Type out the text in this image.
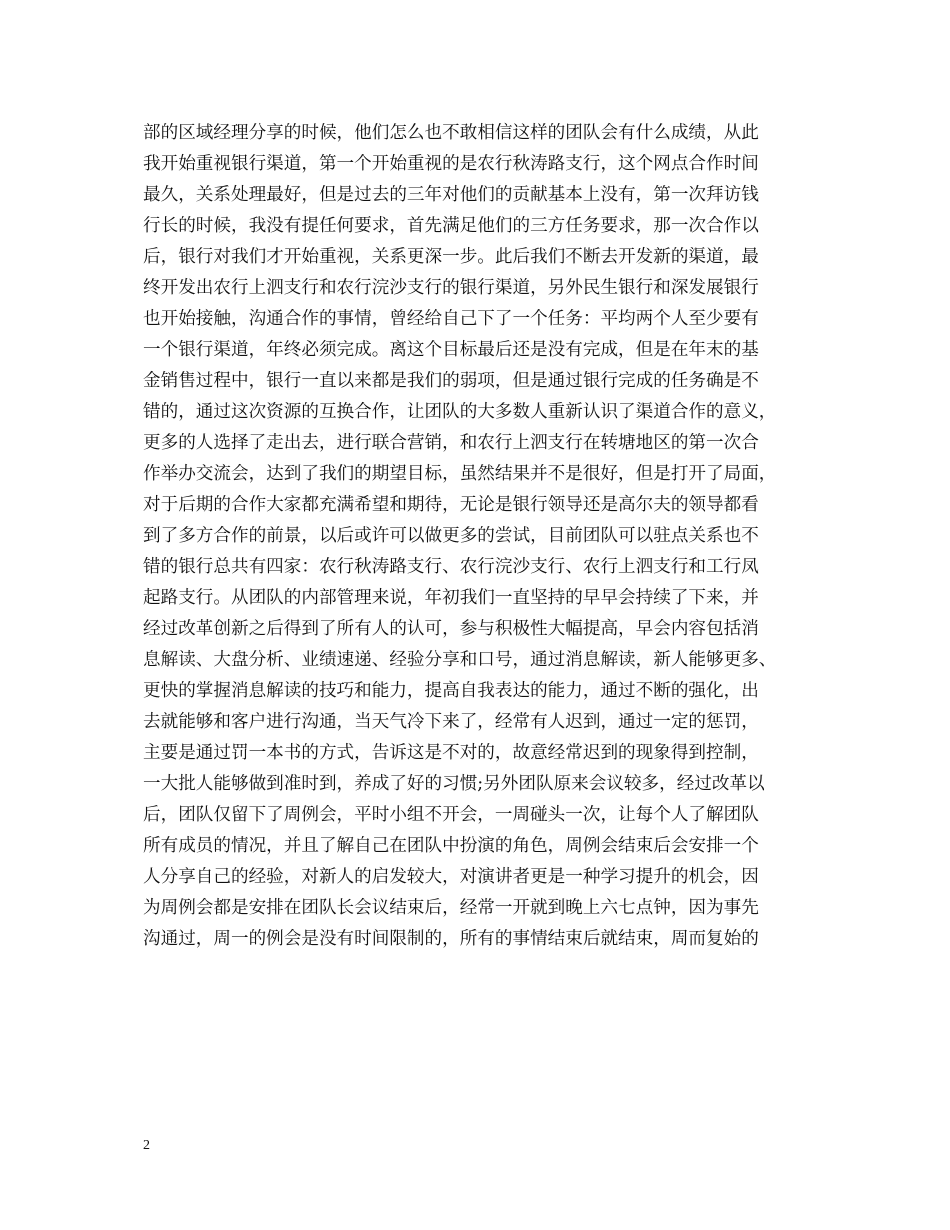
部的区域经理分享的时候，他们怎么也不敢相信这样的团队会有什么成绩，从此
我开始重视银行渠道，第一个开始重视的是农行秋涛路支行，这个网点合作时间
最久，关系处理最好，但是过去的三年对他们的贡献基本上没有，第一次拜访钱
行长的时候，我没有提任何要求，首先满足他们的三方任务要求，那一次合作以
后，银行对我们才开始重视，关系更深一步。此后我们不断去开发新的渠道，最
终开发出农行上泗支行和农行浣沙支行的银行渠道，另外民生银行和深发展银行
也开始接触，沟通合作的事情，曾经给自己下了一个任务：平均两个人至少要有
一个银行渠道，年终必须完成。离这个目标最后还是没有完成，但是在年末的基
金销售过程中，银行一直以来都是我们的弱项，但是通过银行完成的任务确是不
错的，通过这次资源的互换合作，让团队的大多数人重新认识了渠道合作的意义，
更多的人选择了走出去，进行联合营销，和农行上泗支行在转塘地区的第一次合
作举办交流会，达到了我们的期望目标，虽然结果并不是很好，但是打开了局面，
对于后期的合作大家都充满希望和期待，无论是银行领导还是高尔夫的领导都看
到了多方合作的前景，以后或许可以做更多的尝试，目前团队可以驻点关系也不
错的银行总共有四家：农行秋涛路支行、农行浣沙支行、农行上泗支行和工行凤
起路支行。从团队的内部管理来说，年初我们一直坚持的早早会持续了下来，并
经过改革创新之后得到了所有人的认可，参与积极性大幅提高，早会内容包括消
息解读、大盘分析、业绩速递、经验分享和口号，通过消息解读，新人能够更多、
更快的掌握消息解读的技巧和能力，提高自我表达的能力，通过不断的强化，出
去就能够和客户进行沟通，当天气冷下来了，经常有人迟到，通过一定的惩罚，
主要是通过罚一本书的方式，告诉这是不对的，故意经常迟到的现象得到控制，
一大批人能够做到准时到，养成了好的习惯;另外团队原来会议较多，经过改革以
后，团队仅留下了周例会，平时小组不开会，一周碰头一次，让每个人了解团队
所有成员的情况，并且了解自己在团队中扮演的角色，周例会结束后会安排一个
人分享自己的经验，对新人的启发较大，对演讲者更是一种学习提升的机会，因
为周例会都是安排在团队长会议结束后，经常一开就到晚上六七点钟，因为事先
沟通过，周一的例会是没有时间限制的，所有的事情结束后就结束，周而复始的
2
